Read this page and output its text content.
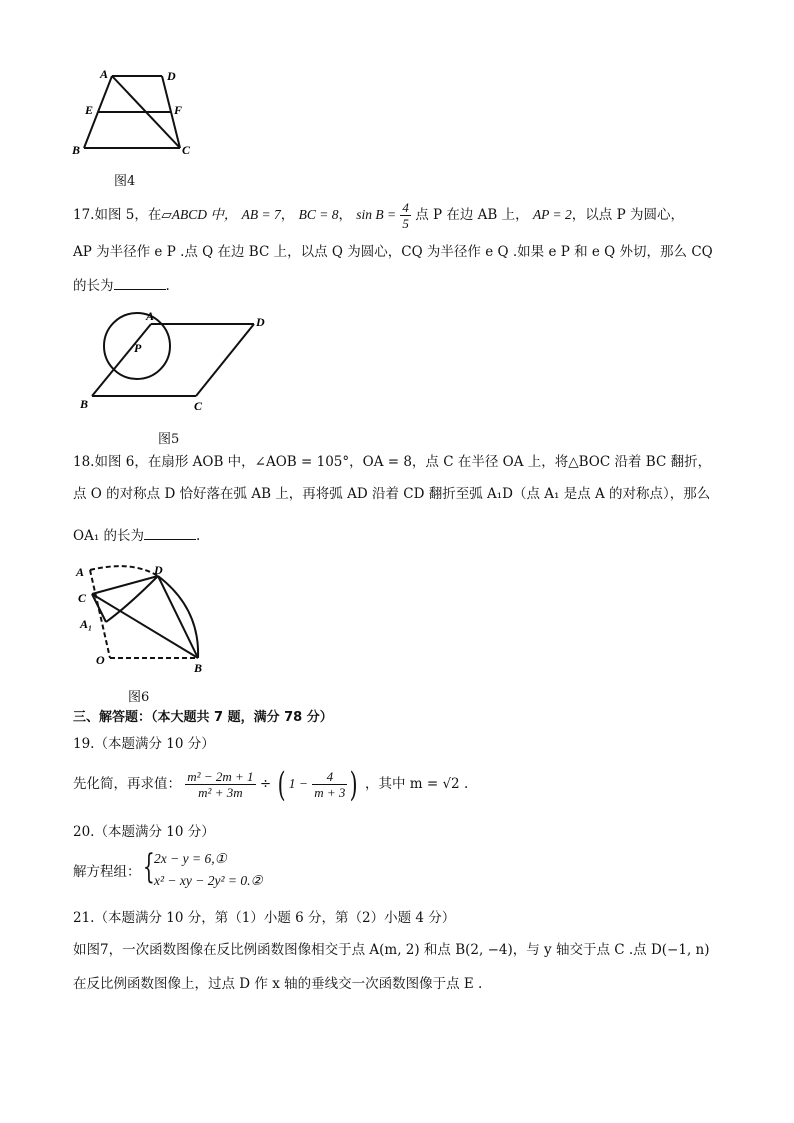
A	D
E	F
B	C
图4
17.如图 5，在▱ABCD 中， AB = 7， BC = 8， $\sin B = \frac{4}{5}$ 点 P 在边 AB 上， AP = 2，以点 P 为圆心，
AP 为半径作 e P .点 Q 在边 BC 上，以点 Q 为圆心，CQ 为半径作 e Q .如果 e P 和 e Q 外切，那么 CQ
的长为	.
A	D
P
B	C
图5
18.如图 6，在扇形 AOB 中，∠AOB = 105°，OA = 8，点 C 在半径 OA 上，将△BOC 沿着 BC 翻折，
点 O 的对称点 D 恰好落在弧 AB 上，再将弧 AD 沿着 CD 翻折至弧 A₁D（点 A₁ 是点 A 的对称点），那么
OA₁ 的长为	.
A	D
C
A₁
O
B
图6
三、解答题：（本大题共 7 题，满分 78 分）
19.（本题满分 10 分）
先化简，再求值： $\frac{\text{m² − 2m + 1}}{\text{m² + 3m}}$ ÷ ( $1 - \frac{4}{m + 3}$ ) ，其中 m = √2 .
20.（本题满分 10 分）
解方程组： { 2x − y = 6,①
x² − xy − 2y² = 0.②
21.（本题满分 10 分，第（1）小题 6 分，第（2）小题 4 分）
如图7，一次函数图像在反比例函数图像相交于点 A(m, 2) 和点 B(2, −4)，与 y 轴交于点 C .点 D(−1, n)
在反比例函数图像上，过点 D 作 x 轴的垂线交一次函数图像于点 E .
